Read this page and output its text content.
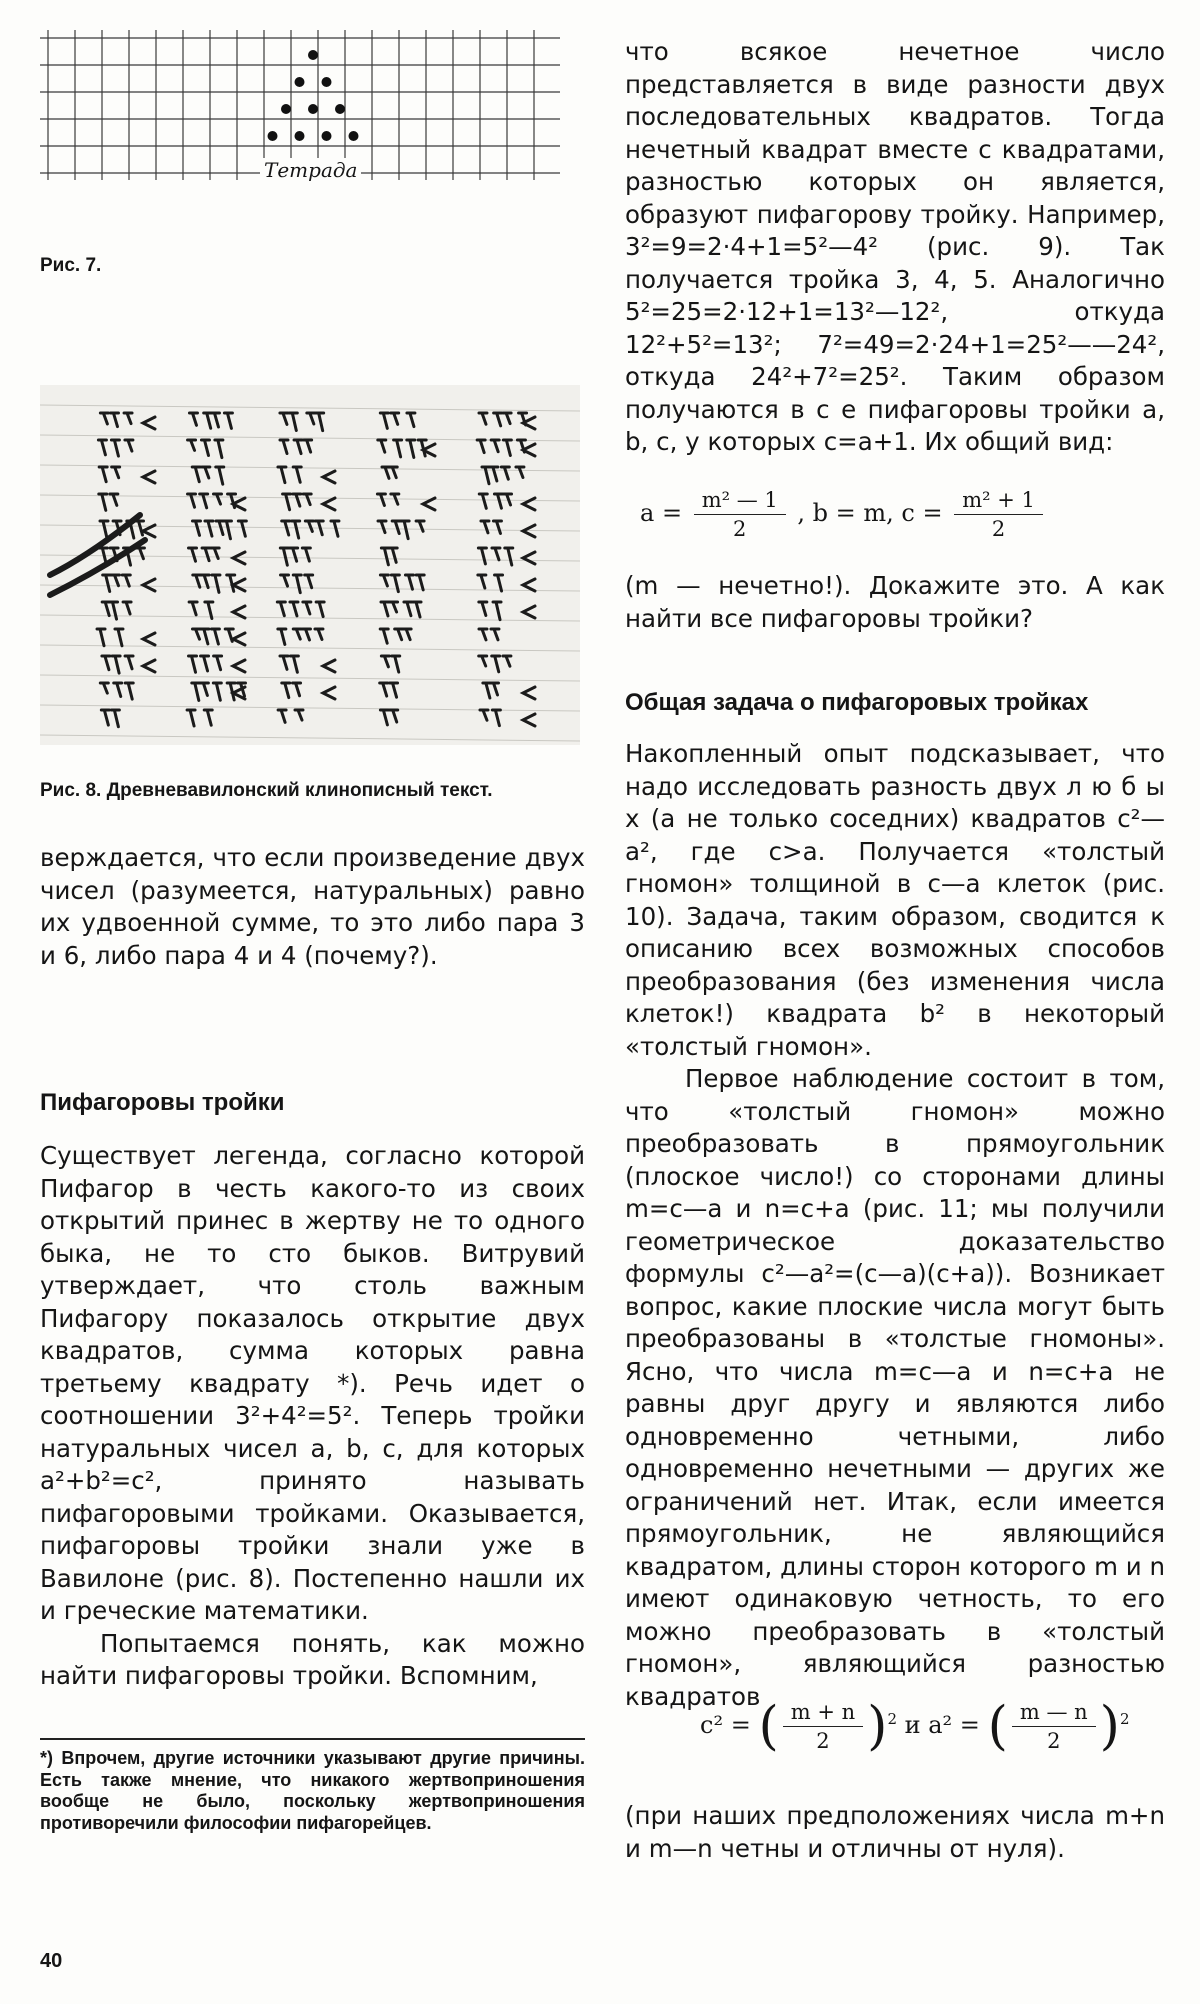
Тетрада
Рис. 7.
Рис. 8. Древневавилонский клинописный текст.

верждается, что если произведение двух чисел (разумеется, натуральных) равно их удвоенной сумме, то это либо пара 3 и 6, либо пара 4 и 4 (почему?).

Пифагоровы тройки

Существует легенда, согласно которой Пифагор в честь какого-то из своих открытий принес в жертву не то одного быка, не то сто быков. Витрувий утверждает, что столь важным Пифагору показалось открытие двух квадратов, сумма которых равна третьему квадрату *). Речь идет о соотношении 3²+4²=5². Теперь тройки натуральных чисел a, b, c, для которых a²+b²=c², принято называть пифагоровыми тройками. Оказывается, пифагоровы тройки знали уже в Вавилоне (рис. 8). Постепенно нашли их и греческие математики.

Попытаемся понять, как можно найти пифагоровы тройки. Вспомним,

*) Впрочем, другие источники указывают другие причины. Есть также мнение, что никакого жертвоприношения вообще не было, поскольку жертвоприношения противоречили философии пифагорейцев.
40

что всякое нечетное число представляется в виде разности двух последовательных квадратов. Тогда нечетный квадрат вместе с квадратами, разностью которых он является, образуют пифагорову тройку. Например, 3²=9=2·4+1=5²—4² (рис. 9). Так получается тройка 3, 4, 5. Аналогично 5²=25=2·12+1=13²—12², откуда 12²+5²=13²; 7²=49=2·24+1=25²——24², откуда 24²+7²=25². Таким образом получаются в с е пифагоровы тройки a, b, c, у которых c=a+1. Их общий вид:

$a = \frac{\text{m² — 1}}{2}$ , b = m, $c = \frac{\text{m² + 1}}{2}$

(m — нечетно!). Докажите это. А как найти все пифагоровы тройки?

Общая задача о пифагоровых тройках

Накопленный опыт подсказывает, что надо исследовать разность двух л ю б ы х (а не только соседних) квадратов c²—a², где c>a. Получается «толстый гномон» толщиной в c—a клеток (рис. 10). Задача, таким образом, сводится к описанию всех возможных способов преобразования (без изменения числа клеток!) квадрата b² в некоторый «толстый гномон».

Первое наблюдение состоит в том, что «толстый гномон» можно преобразовать в прямоугольник (плоское число!) со сторонами длины m=c—a и n=c+a (рис. 11; мы получили геометрическое доказательство формулы c²—a²=(c—a)(c+a)). Возникает вопрос, какие плоские числа могут быть преобразованы в «толстые гномоны». Ясно, что числа m=c—a и n=c+a не равны друг другу и являются либо одновременно четными, либо одновременно нечетными — других же ограничений нет. Итак, если имеется прямоугольник, не являющийся квадратом, длины сторон которого m и n имеют одинаковую четность, то его можно преобразовать в «толстый гномон», являющийся разностью квадратов

c² = ( $\frac{m + n}{2} )^2$ и a² = ( $\frac{m — n}{2} )^2$

(при наших предположениях числа m+n и m—n четны и отличны от нуля).
